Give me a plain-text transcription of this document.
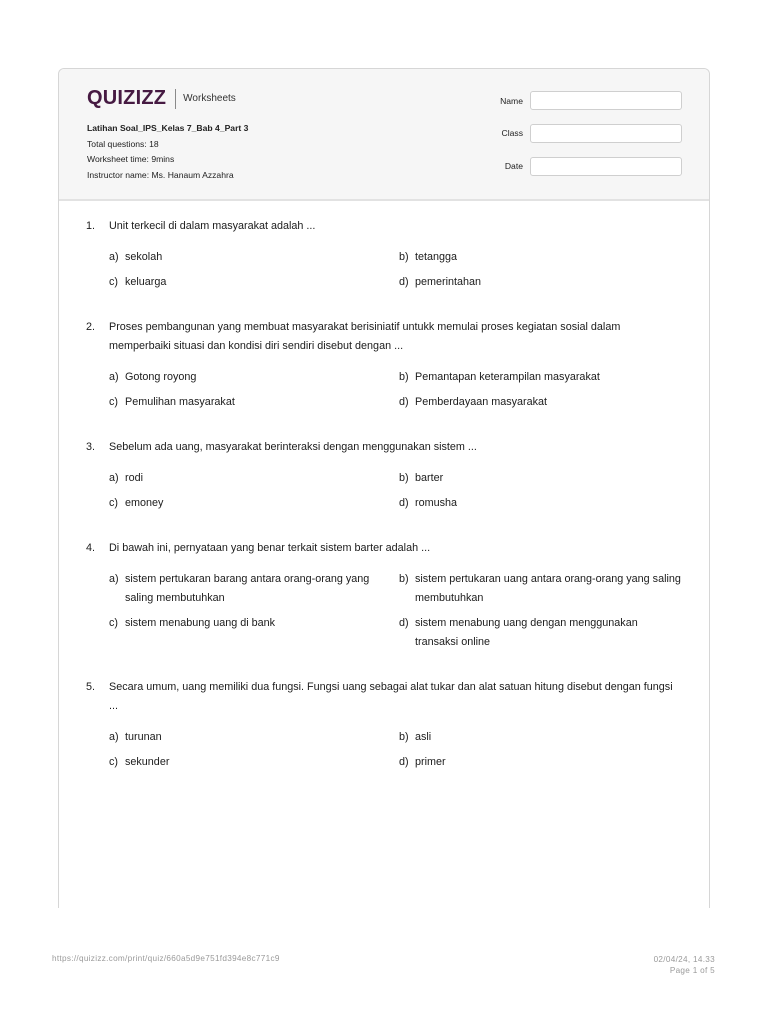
QUIZIZZ Worksheets
Latihan Soal_IPS_Kelas 7_Bab 4_Part 3
Total questions: 18
Worksheet time: 9mins
Instructor name: Ms. Hanaum Azzahra
Name
Class
Date
1.	Unit terkecil di dalam masyarakat adalah ...
a) sekolah	b) tetangga
c) keluarga	d) pemerintahan
2.	Proses pembangunan yang membuat masyarakat berisiniatif untukk memulai proses kegiatan sosial dalam memperbaiki situasi dan kondisi diri sendiri disebut dengan ...
a) Gotong royong	b) Pemantapan keterampilan masyarakat
c) Pemulihan masyarakat	d) Pemberdayaan masyarakat
3.	Sebelum ada uang, masyarakat berinteraksi dengan menggunakan sistem ...
a) rodi	b) barter
c) emoney	d) romusha
4.	Di bawah ini, pernyataan yang benar terkait sistem barter adalah ...
a) sistem pertukaran barang antara orang-orang yang saling membutuhkan
b) sistem pertukaran uang antara orang-orang yang saling membutuhkan
c) sistem menabung uang di bank	d) sistem menabung uang dengan menggunakan transaksi online
5.	Secara umum, uang memiliki dua fungsi. Fungsi uang sebagai alat tukar dan alat satuan hitung disebut dengan fungsi ...
a) turunan	b) asli
c) sekunder	d) primer
https://quizizz.com/print/quiz/660a5d9e751fd394e8c771c9	02/04/24, 14.33
Page 1 of 5
